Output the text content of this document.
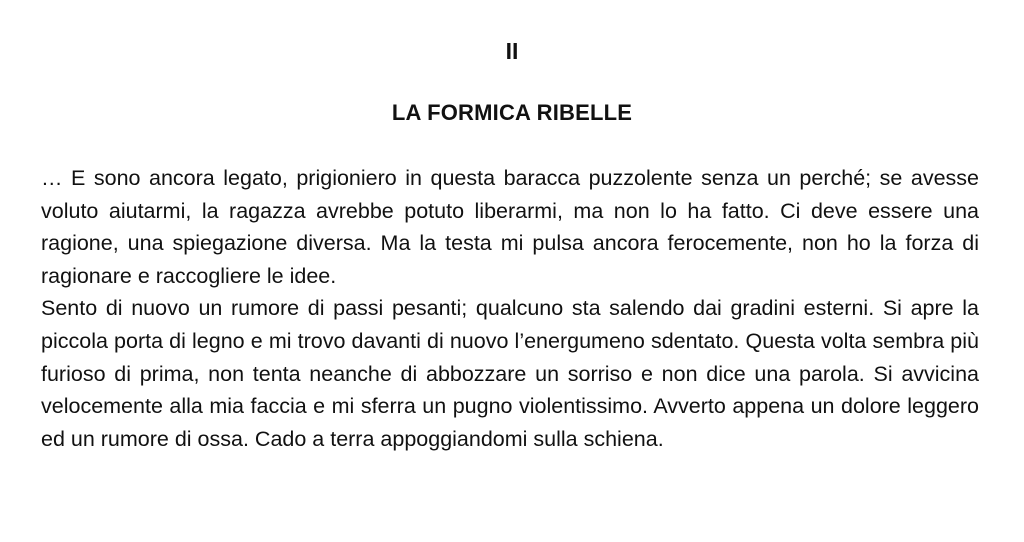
II
LA FORMICA RIBELLE

… E sono ancora legato, prigioniero in questa baracca puzzolente senza un perché; se avesse voluto aiutarmi, la ragazza avrebbe potuto liberarmi, ma non lo ha fatto. Ci deve essere una ragione, una spiegazione diversa. Ma la testa mi pulsa ancora ferocemente, non ho la forza di ragionare e raccogliere le idee.

Sento di nuovo un rumore di passi pesanti; qualcuno sta salendo dai gradini esterni. Si apre la piccola porta di legno e mi trovo davanti di nuovo l’energumeno sdentato. Questa volta sembra più furioso di prima, non tenta neanche di abbozzare un sorriso e non dice una parola. Si avvicina velocemente alla mia faccia e mi sferra un pugno violentissimo. Avverto appena un dolore leggero ed un rumore di ossa. Cado a terra appoggiandomi sulla schiena.
